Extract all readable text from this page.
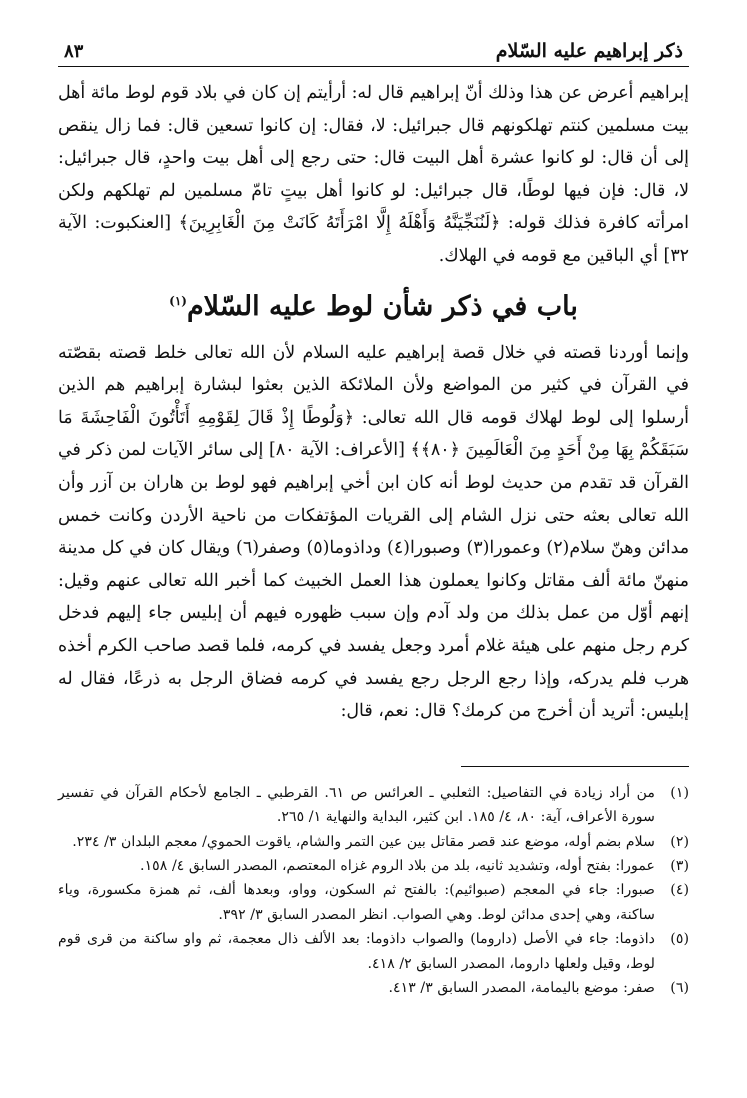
ذكر إبراهيم عليه السّلام
٨٣

إبراهيم أعرض عن هذا وذلك أنّ إبراهيم قال له: أرأيتم إن كان في بلاد قوم لوط مائة أهل بيت مسلمين كنتم تهلكونهم قال جبرائيل: لا، فقال: إن كانوا تسعين قال: فما زال ينقص إلى أن قال: لو كانوا عشرة أهل البيت قال: حتى رجع إلى أهل بيت واحدٍ، قال جبرائيل: لا، قال: فإن فيها لوطًا، قال جبرائيل: لو كانوا أهل بيتٍ تامّ مسلمين لم تهلكهم ولكن امرأته كافرة فذلك قوله: ﴿لَنُنَجِّيَنَّهُ وَأَهْلَهُ إِلَّا امْرَأَتَهُ كَانَتْ مِنَ الْغَابِرِينَ﴾ [العنكبوت: الآية ٣٢] أي الباقين مع قومه في الهلاك.

باب في ذكر شأن لوط عليه السّلام$^{(١)}$

وإنما أوردنا قصته في خلال قصة إبراهيم عليه السلام لأن الله تعالى خلط قصته بقصّته في القرآن في كثير من المواضع ولأن الملائكة الذين بعثوا لبشارة إبراهيم هم الذين أرسلوا إلى لوط لهلاك قومه قال الله تعالى: ﴿وَلُوطًا إِذْ قَالَ لِقَوْمِهِ أَتَأْتُونَ الْفَاحِشَةَ مَا سَبَقَكُمْ بِهَا مِنْ أَحَدٍ مِنَ الْعَالَمِينَ ﴿٨٠﴾﴾ [الأعراف: الآية ٨٠] إلى سائر الآيات لمن ذكر في القرآن قد تقدم من حديث لوط أنه كان ابن أخي إبراهيم فهو لوط بن هاران بن آزر وأن الله تعالى بعثه حتى نزل الشام إلى القريات المؤتفكات من ناحية الأردن وكانت خمس مدائن وهنّ سلام(٢) وعمورا(٣) وصبورا(٤) وداذوما(٥) وصفر(٦) ويقال كان في كل مدينة منهنّ مائة ألف مقاتل وكانوا يعملون هذا العمل الخبيث كما أخبر الله تعالى عنهم وقيل: إنهم أوّل من عمل بذلك من ولد آدم وإن سبب ظهوره فيهم أن إبليس جاء إليهم فدخل كرم رجل منهم على هيئة غلام أمرد وجعل يفسد في كرمه، فلما قصد صاحب الكرم أخذه هرب فلم يدركه، وإذا رجع الرجل رجع يفسد في كرمه فضاق الرجل به ذرعًا، فقال له إبليس: أتريد أن أخرج من كرمك؟ قال: نعم، قال:

(١)
من أراد زيادة في التفاصيل: الثعلبي ـ العرائس ص ٦١. القرطبي ـ الجامع لأحكام القرآن في تفسير سورة الأعراف، آية: ٨٠، ٤/ ١٨٥. ابن كثير، البداية والنهاية ١/ ٢٦٥.
(٢)
سلام بضم أوله، موضع عند قصر مقاتل بين عين التمر والشام، ياقوت الحموي/ معجم البلدان ٣/ ٢٣٤.
(٣)
عمورا: بفتح أوله، وتشديد ثانيه، بلد من بلاد الروم غزاه المعتصم، المصدر السابق ٤/ ١٥٨.
(٤)
صبورا: جاء في المعجم (صبوائيم): بالفتح ثم السكون، وواو، وبعدها ألف، ثم همزة مكسورة، وياء ساكنة، وهي إحدى مدائن لوط. وهي الصواب. انظر المصدر السابق ٣/ ٣٩٢.
(٥)
داذوما: جاء في الأصل (داروما) والصواب داذوما: بعد الألف ذال معجمة، ثم واو ساكنة من قرى قوم لوط، وقيل ولعلها داروما، المصدر السابق ٢/ ٤١٨.
(٦)
صفر: موضع باليمامة، المصدر السابق ٣/ ٤١٣.
